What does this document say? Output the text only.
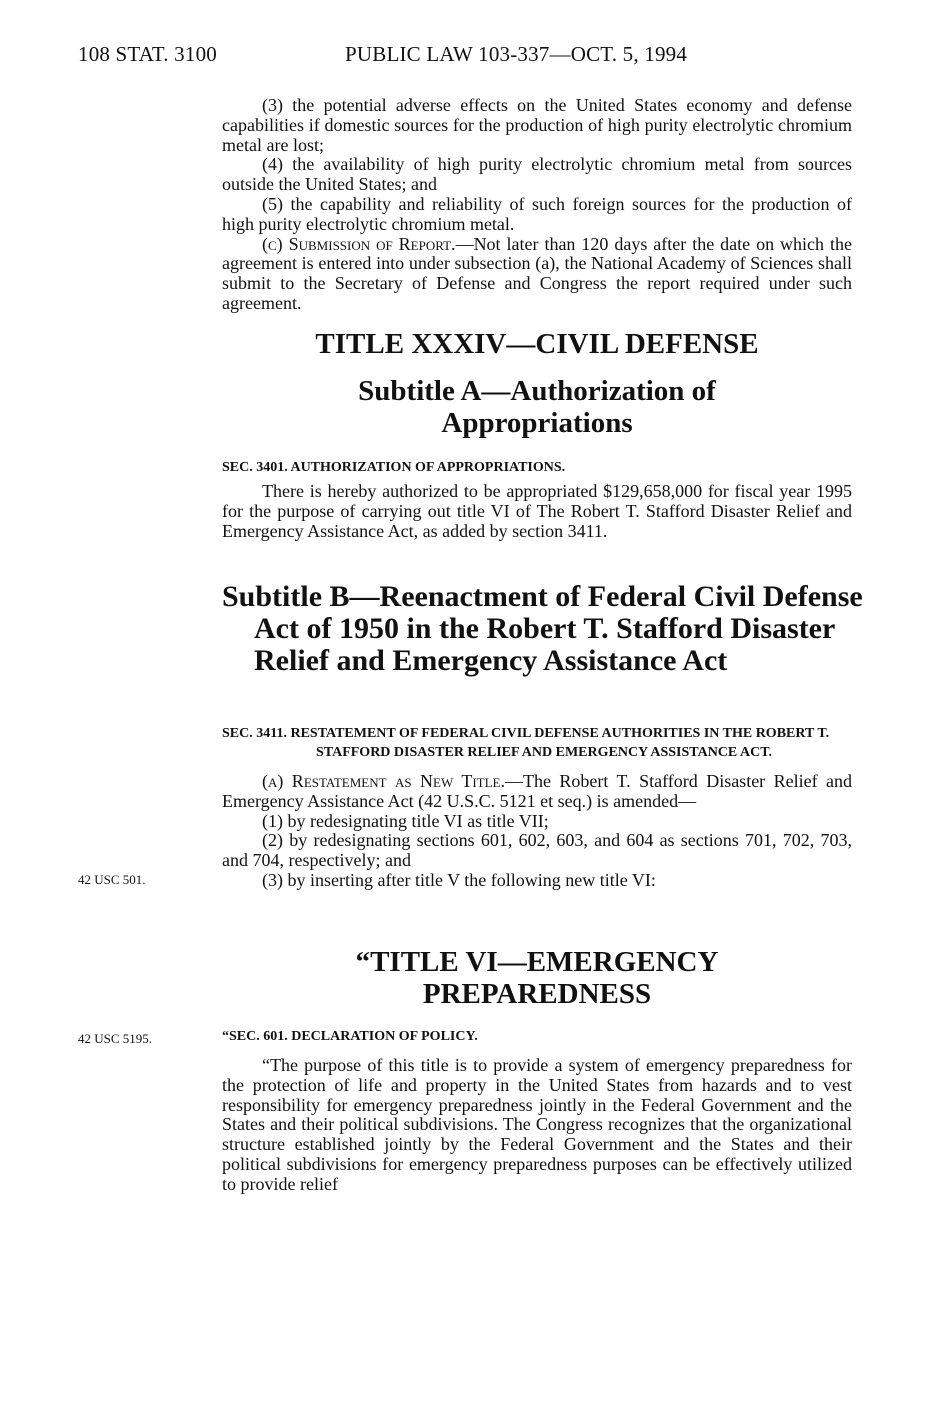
108 STAT. 3100	PUBLIC LAW 103-337—OCT. 5, 1994

(3) the potential adverse effects on the United States economy and defense capabilities if domestic sources for the production of high purity electrolytic chromium metal are lost;

(4) the availability of high purity electrolytic chromium metal from sources outside the United States; and

(5) the capability and reliability of such foreign sources for the production of high purity electrolytic chromium metal.

(c) Submission of Report.—Not later than 120 days after the date on which the agreement is entered into under subsection (a), the National Academy of Sciences shall submit to the Secretary of Defense and Congress the report required under such agreement.

TITLE XXXIV—CIVIL DEFENSE
Subtitle A—Authorization of
Appropriations
SEC. 3401. AUTHORIZATION OF APPROPRIATIONS.

There is hereby authorized to be appropriated $129,658,000 for fiscal year 1995 for the purpose of carrying out title VI of The Robert T. Stafford Disaster Relief and Emergency Assistance Act, as added by section 3411.

Subtitle B—Reenactment of Federal Civil Defense Act of 1950 in the Robert T. Stafford Disaster Relief and Emergency Assistance Act
SEC. 3411. RESTATEMENT OF FEDERAL CIVIL DEFENSE AUTHORITIES IN THE ROBERT T. STAFFORD DISASTER RELIEF AND EMERGENCY ASSISTANCE ACT.

(a) Restatement as New Title.—The Robert T. Stafford Disaster Relief and Emergency Assistance Act (42 U.S.C. 5121 et seq.) is amended—

(1) by redesignating title VI as title VII;

(2) by redesignating sections 601, 602, 603, and 604 as sections 701, 702, 703, and 704, respectively; and

(3) by inserting after title V the following new title VI:

42 USC 501.
“TITLE VI—EMERGENCY
PREPAREDNESS
42 USC 5195.	“SEC. 601. DECLARATION OF POLICY.

“The purpose of this title is to provide a system of emergency preparedness for the protection of life and property in the United States from hazards and to vest responsibility for emergency preparedness jointly in the Federal Government and the States and their political subdivisions. The Congress recognizes that the organizational structure established jointly by the Federal Government and the States and their political subdivisions for emergency preparedness purposes can be effectively utilized to provide relief
